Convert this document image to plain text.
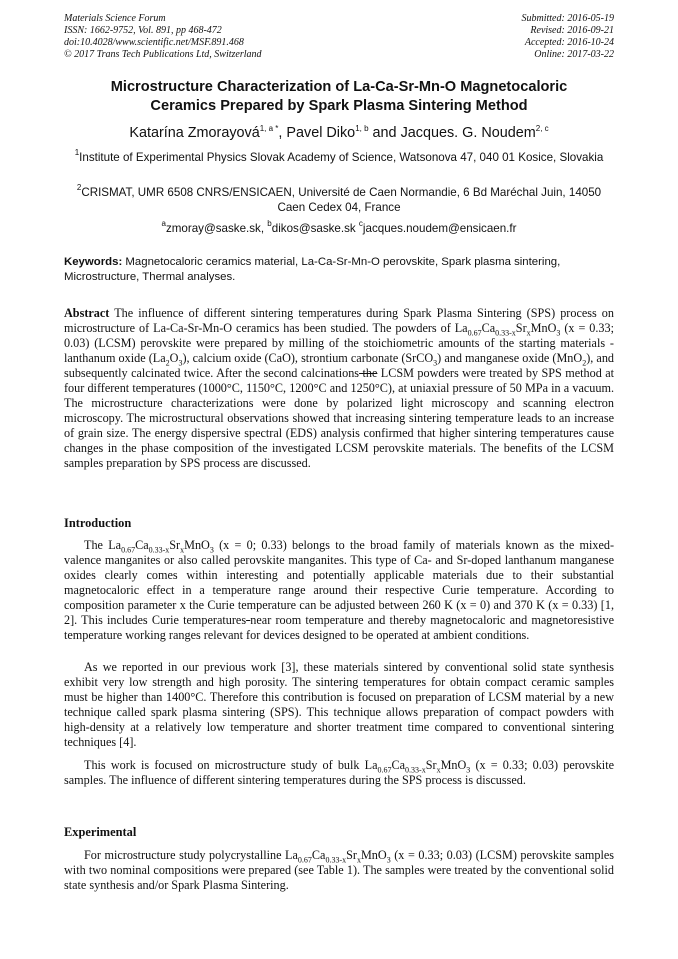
Materials Science Forum
ISSN: 1662-9752, Vol. 891, pp 468-472
doi:10.4028/www.scientific.net/MSF.891.468
© 2017 Trans Tech Publications Ltd, Switzerland
Submitted: 2016-05-19
Revised: 2016-09-21
Accepted: 2016-10-24
Online: 2017-03-22
Microstructure Characterization of La-Ca-Sr-Mn-O Magnetocaloric
Ceramics Prepared by Spark Plasma Sintering Method
Katarína Zmorayová$^{1, a *}$, Pavel Diko$^{1, b}$ and Jacques. G. Noudem$^{2, c}$
$^1$Institute of Experimental Physics Slovak Academy of Science, Watsonova 47, 040 01 Kosice, Slovakia
$^2$CRISMAT, UMR 6508 CNRS/ENSICAEN, Université de Caen Normandie, 6 Bd Maréchal Juin, 14050 Caen Cedex 04, France
$^a$zmoray@saske.sk, $^b$dikos@saske.sk $^c$jacques.noudem@ensicaen.fr
Keywords: Magnetocaloric ceramics material, La-Ca-Sr-Mn-O perovskite, Spark plasma sintering, Microstructure, Thermal analyses.
Abstract The influence of different sintering temperatures during Spark Plasma Sintering (SPS) process on microstructure of La-Ca-Sr-Mn-O ceramics has been studied. The powders of $La_{0.67}Ca_{0.33-x}Sr_xMnO_3$ (x = 0.33; 0.03) (LCSM) perovskite were prepared by milling of the stoichiometric amounts of the starting materials - lanthanum oxide $(La_2O_3)$, calcium oxide (CaO), strontium carbonate (SrCO$_3$) and manganese oxide (MnO$_2$), and subsequently calcinated twice. After the second calcinations the LCSM powders were treated by SPS method at four different temperatures (1000°C, 1150°C, 1200°C and 1250°C), at uniaxial pressure of 50 MPa in a vacuum. The microstructure characterizations were done by polarized light microscopy and scanning electron microscopy. The microstructural observations showed that increasing sintering temperature leads to an increase of grain size. The energy dispersive spectral (EDS) analysis confirmed that higher sintering temperatures cause changes in the phase composition of the investigated LCSM perovskite materials. The benefits of the LCSM samples preparation by SPS process are discussed.
Introduction
The $La_{0.67}Ca_{0.33-x}Sr_xMnO_3$ (x = 0; 0.33) belongs to the broad family of materials known as the mixed-valence manganites or also called perovskite manganites. This type of Ca- and Sr-doped lanthanum manganese oxides clearly comes within interesting and potentially applicable materials due to their substantial magnetocaloric effect in a temperature range around their respective Curie temperature. According to composition parameter x the Curie temperature can be adjusted between 260 K (x = 0) and 370 K (x = 0.33) [1, 2]. This includes Curie temperatures near room temperature and thereby magnetocaloric and magnetoresistive temperature working ranges relevant for devices designed to be operated at ambient conditions.
As we reported in our previous work [3], these materials sintered by conventional solid state synthesis exhibit very low strength and high porosity. The sintering temperatures for obtain compact ceramic samples must be higher than 1400°C. Therefore this contribution is focused on preparation of LCSM material by a new technique called spark plasma sintering (SPS). This technique allows preparation of compact powders with high-density at a relatively low temperature and shorter treatment time compared to conventional sintering techniques [4].
This work is focused on microstructure study of bulk $La_{0.67}Ca_{0.33-x}Sr_xMnO_3$ (x = 0.33; 0.03) perovskite samples. The influence of different sintering temperatures during the SPS process is discussed.
Experimental
For microstructure study polycrystalline $La_{0.67}Ca_{0.33-x}Sr_xMnO_3$ (x = 0.33; 0.03) (LCSM) perovskite samples with two nominal compositions were prepared (see Table 1). The samples were treated by the conventional solid state synthesis and/or Spark Plasma Sintering.
